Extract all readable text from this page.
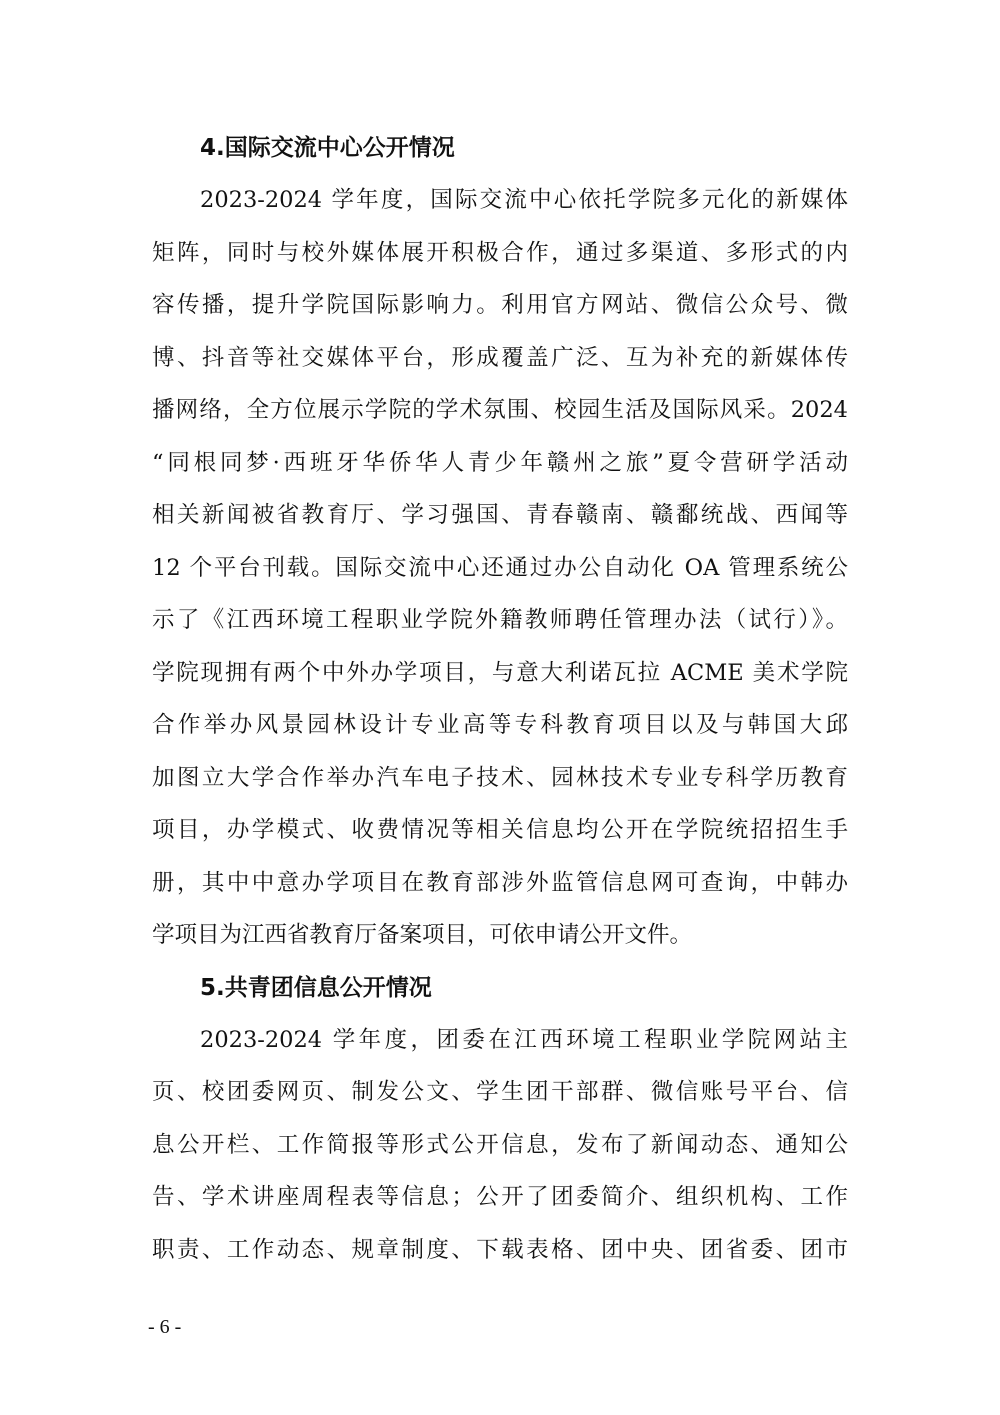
4.国际交流中心公开情况
2023-2024 学年度，国际交流中心依托学院多元化的新媒体
矩阵，同时与校外媒体展开积极合作，通过多渠道、多形式的内
容传播，提升学院国际影响力。利用官方网站、微信公众号、微
博、抖音等社交媒体平台，形成覆盖广泛、互为补充的新媒体传
播网络，全方位展示学院的学术氛围、校园生活及国际风采。2024
“同根同梦·西班牙华侨华人青少年赣州之旅”夏令营研学活动
相关新闻被省教育厅、学习强国、青春赣南、赣鄱统战、西闻等
12 个平台刊载。国际交流中心还通过办公自动化 OA 管理系统公
示了《江西环境工程职业学院外籍教师聘任管理办法（试行）》。
学院现拥有两个中外办学项目，与意大利诺瓦拉 ACME 美术学院
合作举办风景园林设计专业高等专科教育项目以及与韩国大邱
加图立大学合作举办汽车电子技术、园林技术专业专科学历教育
项目，办学模式、收费情况等相关信息均公开在学院统招招生手
册，其中中意办学项目在教育部涉外监管信息网可查询，中韩办
学项目为江西省教育厅备案项目，可依申请公开文件。
5.共青团信息公开情况
2023-2024 学年度，团委在江西环境工程职业学院网站主
页、校团委网页、制发公文、学生团干部群、微信账号平台、信
息公开栏、工作简报等形式公开信息，发布了新闻动态、通知公
告、学术讲座周程表等信息；公开了团委简介、组织机构、工作
职责、工作动态、规章制度、下载表格、团中央、团省委、团市
- 6 -
